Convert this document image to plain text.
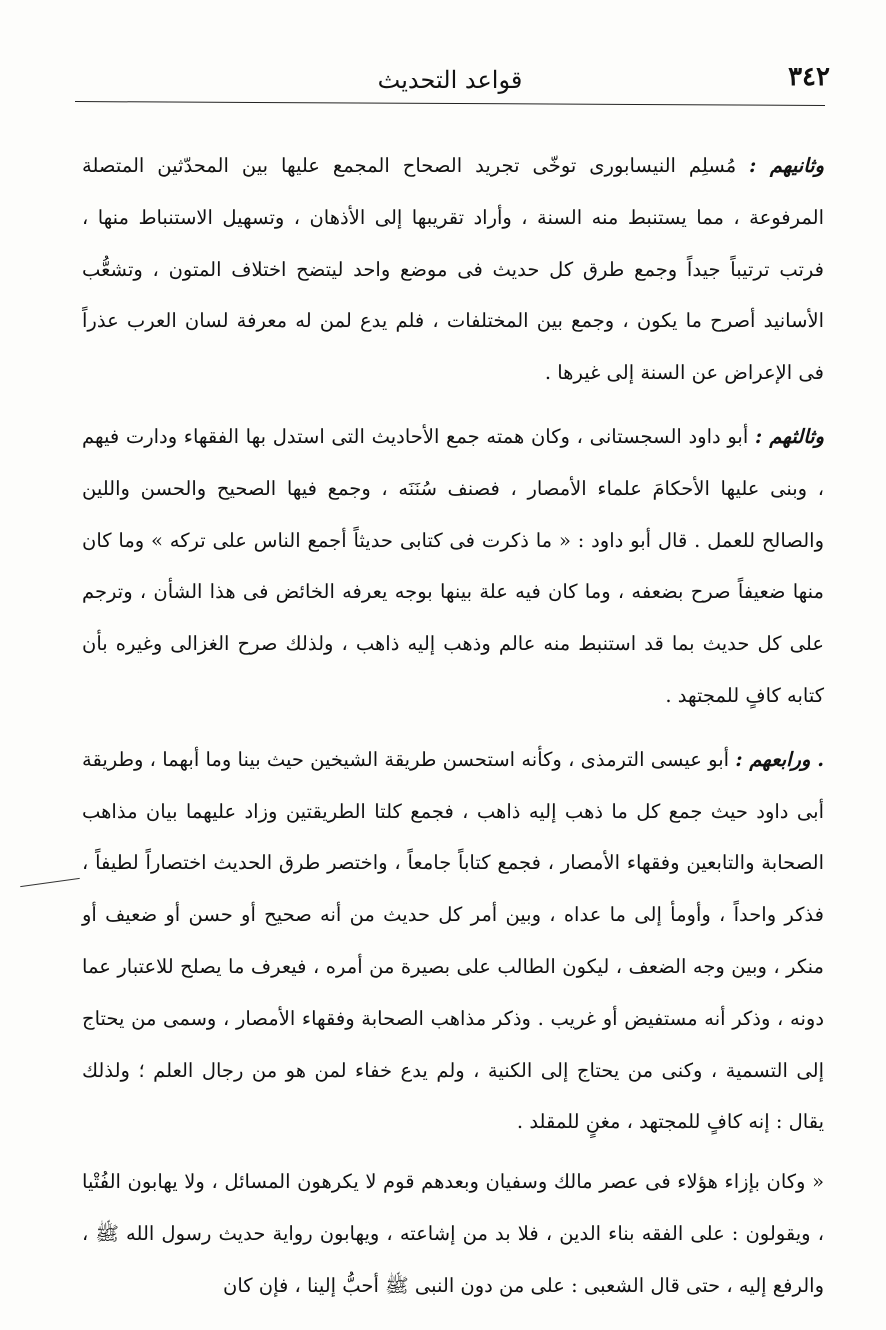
٣٤٢
قواعد التحديث

وثانيهم : مُسلِم النيسابورى توخّى تجريد الصحاح المجمع عليها بين المحدّثين المتصلة المرفوعة ، مما يستنبط منه السنة ، وأراد تقريبها إلى الأذهان ، وتسهيل الاستنباط منها ، فرتب ترتيباً جيداً وجمع طرق كل حديث فى موضع واحد ليتضح اختلاف المتون ، وتشعُّب الأسانيد أصرح ما يكون ، وجمع بين المختلفات ، فلم يدع لمن له معرفة لسان العرب عذراً فى الإعراض عن السنة إلى غيرها .

وثالثهم : أبو داود السجستانى ، وكان همته جمع الأحاديث التى استدل بها الفقهاء ودارت فيهم ، وبنى عليها الأحكامَ علماء الأمصار ، فصنف سُنَنَه ، وجمع فيها الصحيح والحسن واللين والصالح للعمل . قال أبو داود : « ما ذكرت فى كتابى حديثاً أجمع الناس على تركه » وما كان منها ضعيفاً صرح بضعفه ، وما كان فيه علة بينها بوجه يعرفه الخائض فى هذا الشأن ، وترجم على كل حديث بما قد استنبط منه عالم وذهب إليه ذاهب ، ولذلك صرح الغزالى وغيره بأن كتابه كافٍ للمجتهد .

. ورابعهم : أبو عيسى الترمذى ، وكأنه استحسن طريقة الشيخين حيث بينا وما أبهما ، وطريقة أبى داود حيث جمع كل ما ذهب إليه ذاهب ، فجمع كلتا الطريقتين وزاد عليهما بيان مذاهب الصحابة والتابعين وفقهاء الأمصار ، فجمع كتاباً جامعاً ، واختصر طرق الحديث اختصاراً لطيفاً ، فذكر واحداً ، وأومأ إلى ما عداه ، وبين أمر كل حديث من أنه صحيح أو حسن أو ضعيف أو منكر ، وبين وجه الضعف ، ليكون الطالب على بصيرة من أمره ، فيعرف ما يصلح للاعتبار عما دونه ، وذكر أنه مستفيض أو غريب . وذكر مذاهب الصحابة وفقهاء الأمصار ، وسمى من يحتاج إلى التسمية ، وكنى من يحتاج إلى الكنية ، ولم يدع خفاء لمن هو من رجال العلم ؛ ولذلك يقال : إنه كافٍ للمجتهد ، مغنٍ للمقلد .

« وكان بإزاء هؤلاء فى عصر مالك وسفيان وبعدهم قوم لا يكرهون المسائل ، ولا يهابون الفُتْيا ، ويقولون : على الفقه بناء الدين ، فلا بد من إشاعته ، ويهابون رواية حديث رسول الله ﷺ ، والرفع إليه ، حتى قال الشعبى : على من دون النبى ﷺ أحبُّ إلينا ، فإن كان
